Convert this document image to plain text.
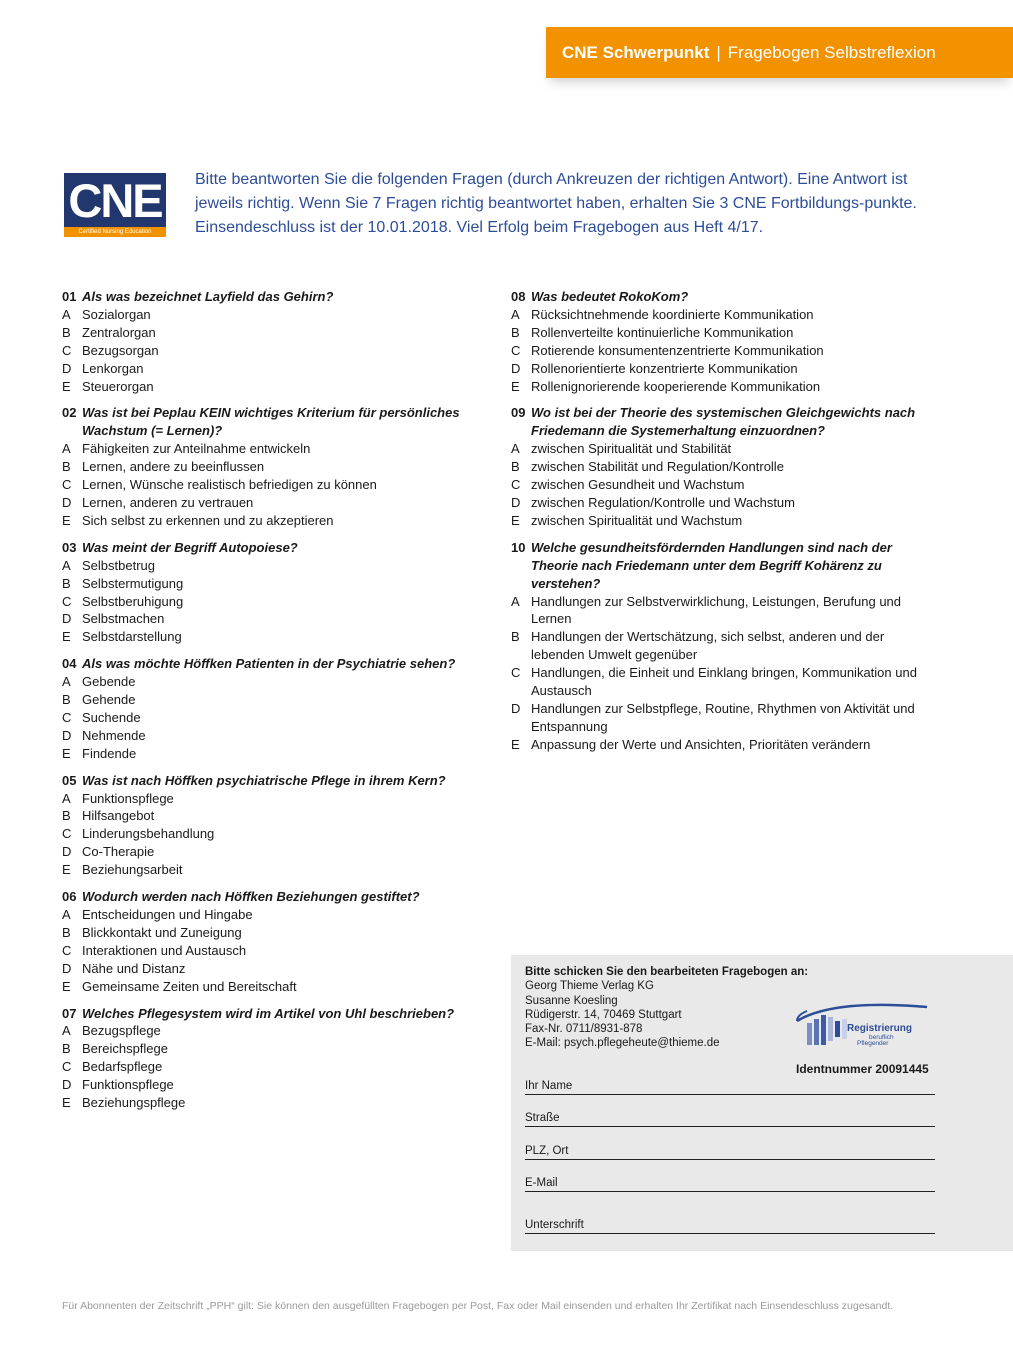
CNE Schwerpunkt | Fragebogen Selbstreflexion
CNE
Certified Nursing Education
Bitte beantworten Sie die folgenden Fragen (durch Ankreuzen der richtigen Antwort). Eine Antwort ist jeweils richtig. Wenn Sie 7 Fragen richtig beantwortet haben, erhalten Sie 3 CNE Fortbildungs-punkte. Einsendeschluss ist der 10.01.2018. Viel Erfolg beim Fragebogen aus Heft 4/17.
01 Als was bezeichnet Layfield das Gehirn?
A Sozialorgan
B Zentralorgan
C Bezugsorgan
D Lenkorgan
E Steuerorgan
02 Was ist bei Peplau KEIN wichtiges Kriterium für persönliches Wachstum (= Lernen)?
A Fähigkeiten zur Anteilnahme entwickeln
B Lernen, andere zu beeinflussen
C Lernen, Wünsche realistisch befriedigen zu können
D Lernen, anderen zu vertrauen
E Sich selbst zu erkennen und zu akzeptieren
03 Was meint der Begriff Autopoiese?
A Selbstbetrug
B Selbstermutigung
C Selbstberuhigung
D Selbstmachen
E Selbstdarstellung
04 Als was möchte Höffken Patienten in der Psychiatrie sehen?
A Gebende
B Gehende
C Suchende
D Nehmende
E Findende
05 Was ist nach Höffken psychiatrische Pflege in ihrem Kern?
A Funktionspflege
B Hilfsangebot
C Linderungsbehandlung
D Co-Therapie
E Beziehungsarbeit
06 Wodurch werden nach Höffken Beziehungen gestiftet?
A Entscheidungen und Hingabe
B Blickkontakt und Zuneigung
C Interaktionen und Austausch
D Nähe und Distanz
E Gemeinsame Zeiten und Bereitschaft
07 Welches Pflegesystem wird im Artikel von Uhl beschrieben?
A Bezugspflege
B Bereichspflege
C Bedarfspflege
D Funktionspflege
E Beziehungspflege
08 Was bedeutet RokoKom?
A Rücksichtnehmende koordinierte Kommunikation
B Rollenverteilte kontinuierliche Kommunikation
C Rotierende konsumentenzentrierte Kommunikation
D Rollenorientierte konzentrierte Kommunikation
E Rollenignorierende kooperierende Kommunikation
09 Wo ist bei der Theorie des systemischen Gleichgewichts nach Friedemann die Systemerhaltung einzuordnen?
A zwischen Spiritualität und Stabilität
B zwischen Stabilität und Regulation/Kontrolle
C zwischen Gesundheit und Wachstum
D zwischen Regulation/Kontrolle und Wachstum
E zwischen Spiritualität und Wachstum
10 Welche gesundheitsfördernden Handlungen sind nach der Theorie nach Friedemann unter dem Begriff Kohärenz zu verstehen?
A Handlungen zur Selbstverwirklichung, Leistungen, Berufung und Lernen
B Handlungen der Wertschätzung, sich selbst, anderen und der lebenden Umwelt gegenüber
C Handlungen, die Einheit und Einklang bringen, Kommunikation und Austausch
D Handlungen zur Selbstpflege, Routine, Rhythmen von Aktivität und Entspannung
E Anpassung der Werte und Ansichten, Prioritäten verändern
Bitte schicken Sie den bearbeiteten Fragebogen an:
Georg Thieme Verlag KG
Susanne Koesling
Rüdigerstr. 14, 70469 Stuttgart
Fax-Nr. 0711/8931-878
E-Mail: psych.pflegeheute@thieme.de
Registrierung
beruflich
Pflegender
Identnummer 20091445
Ihr Name
Straße
PLZ, Ort
E-Mail
Unterschrift
Für Abonnenten der Zeitschrift „PPH“ gilt: Sie können den ausgefüllten Fragebogen per Post, Fax oder Mail einsenden und erhalten Ihr Zertifikat nach Einsendeschluss zugesandt.
